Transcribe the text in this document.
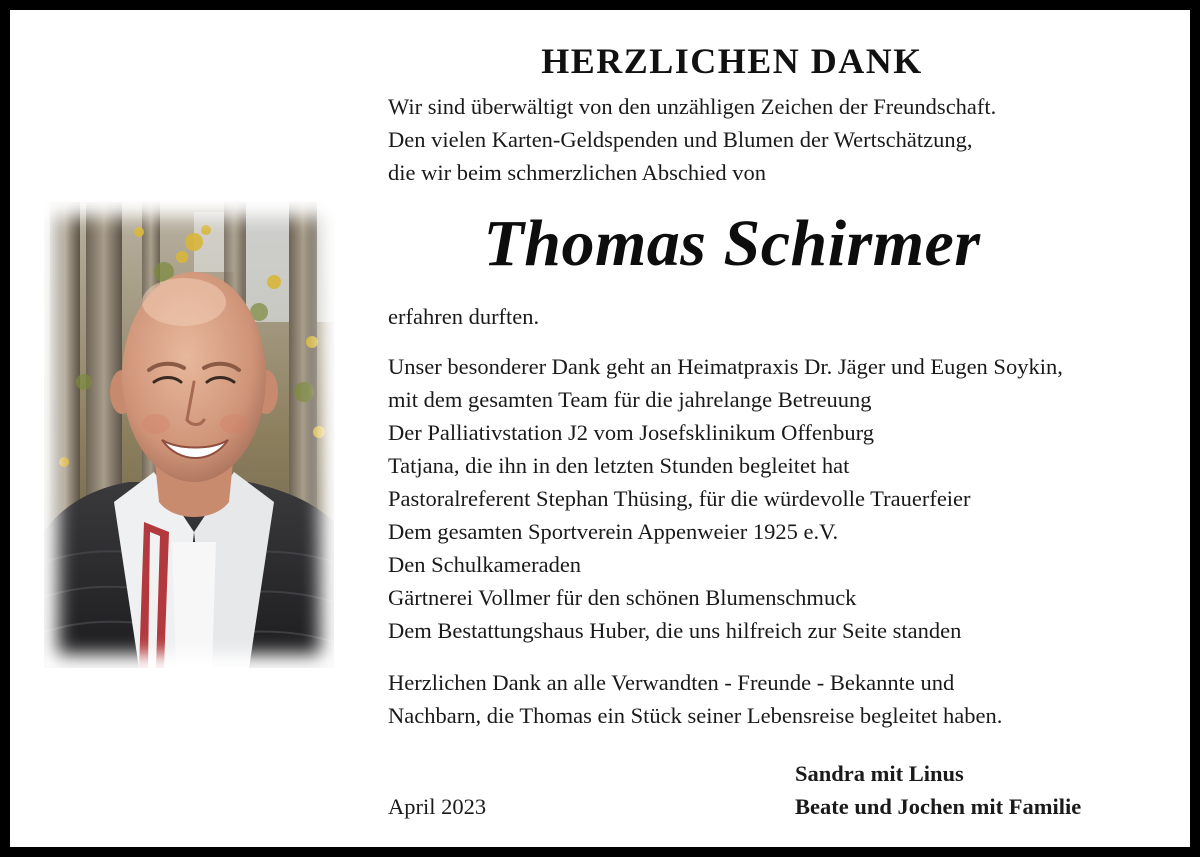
HERZLICHEN DANK
Wir sind überwältigt von den unzähligen Zeichen der Freundschaft.
Den vielen Karten-Geldspenden und Blumen der Wertschätzung,
die wir beim schmerzlichen Abschied von
Thomas Schirmer
erfahren durften.
Unser besonderer Dank geht an Heimatpraxis Dr. Jäger und Eugen Soykin,
mit dem gesamten Team für die jahrelange Betreuung
Der Palliativstation J2 vom Josefsklinikum Offenburg
Tatjana, die ihn in den letzten Stunden begleitet hat
Pastoralreferent Stephan Thüsing, für die würdevolle Trauerfeier
Dem gesamten Sportverein Appenweier 1925 e.V.
Den Schulkameraden
Gärtnerei Vollmer für den schönen Blumenschmuck
Dem Bestattungshaus Huber, die uns hilfreich zur Seite standen
Herzlichen Dank an alle Verwandten - Freunde - Bekannte und
Nachbarn, die Thomas ein Stück seiner Lebensreise begleitet haben.
Sandra mit Linus
Beate und Jochen mit Familie
April 2023
